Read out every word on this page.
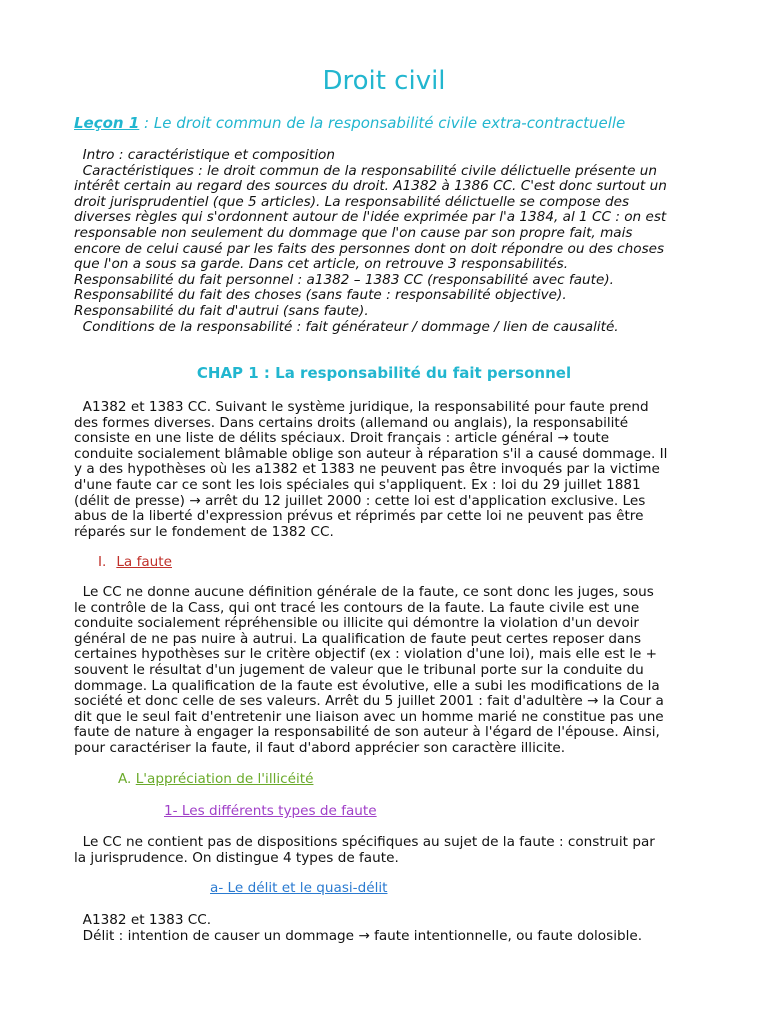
Droit civil
Leçon 1 : Le droit commun de la responsabilité civile extra-contractuelle
Intro : caractéristique et composition
Caractéristiques : le droit commun de la responsabilité civile délictuelle présente un
intérêt certain au regard des sources du droit. A1382 à 1386 CC. C'est donc surtout un
droit jurisprudentiel (que 5 articles). La responsabilité délictuelle se compose des
diverses règles qui s'ordonnent autour de l'idée exprimée par l'a 1384, al 1 CC : on est
responsable non seulement du dommage que l'on cause par son propre fait, mais
encore de celui causé par les faits des personnes dont on doit répondre ou des choses
que l'on a sous sa garde. Dans cet article, on retrouve 3 responsabilités.
Responsabilité du fait personnel : a1382 – 1383 CC (responsabilité avec faute).
Responsabilité du fait des choses (sans faute : responsabilité objective).
Responsabilité du fait d'autrui (sans faute).
Conditions de la responsabilité : fait générateur / dommage / lien de causalité.
CHAP 1 : La responsabilité du fait personnel
A1382 et 1383 CC. Suivant le système juridique, la responsabilité pour faute prend
des formes diverses. Dans certains droits (allemand ou anglais), la responsabilité
consiste en une liste de délits spéciaux. Droit français : article général → toute
conduite socialement blâmable oblige son auteur à réparation s'il a causé dommage. Il
y a des hypothèses où les a1382 et 1383 ne peuvent pas être invoqués par la victime
d'une faute car ce sont les lois spéciales qui s'appliquent. Ex : loi du 29 juillet 1881
(délit de presse) → arrêt du 12 juillet 2000 : cette loi est d'application exclusive. Les
abus de la liberté d'expression prévus et réprimés par cette loi ne peuvent pas être
réparés sur le fondement de 1382 CC.
I. La faute
Le CC ne donne aucune définition générale de la faute, ce sont donc les juges, sous
le contrôle de la Cass, qui ont tracé les contours de la faute. La faute civile est une
conduite socialement répréhensible ou illicite qui démontre la violation d'un devoir
général de ne pas nuire à autrui. La qualification de faute peut certes reposer dans
certaines hypothèses sur le critère objectif (ex : violation d'une loi), mais elle est le +
souvent le résultat d'un jugement de valeur que le tribunal porte sur la conduite du
dommage. La qualification de la faute est évolutive, elle a subi les modifications de la
société et donc celle de ses valeurs. Arrêt du 5 juillet 2001 : fait d'adultère → la Cour a
dit que le seul fait d'entretenir une liaison avec un homme marié ne constitue pas une
faute de nature à engager la responsabilité de son auteur à l'égard de l'épouse. Ainsi,
pour caractériser la faute, il faut d'abord apprécier son caractère illicite.
A. L'appréciation de l'illicéité
1- Les différents types de faute
Le CC ne contient pas de dispositions spécifiques au sujet de la faute : construit par
la jurisprudence. On distingue 4 types de faute.
a- Le délit et le quasi-délit
A1382 et 1383 CC.
Délit : intention de causer un dommage → faute intentionnelle, ou faute dolosible.
